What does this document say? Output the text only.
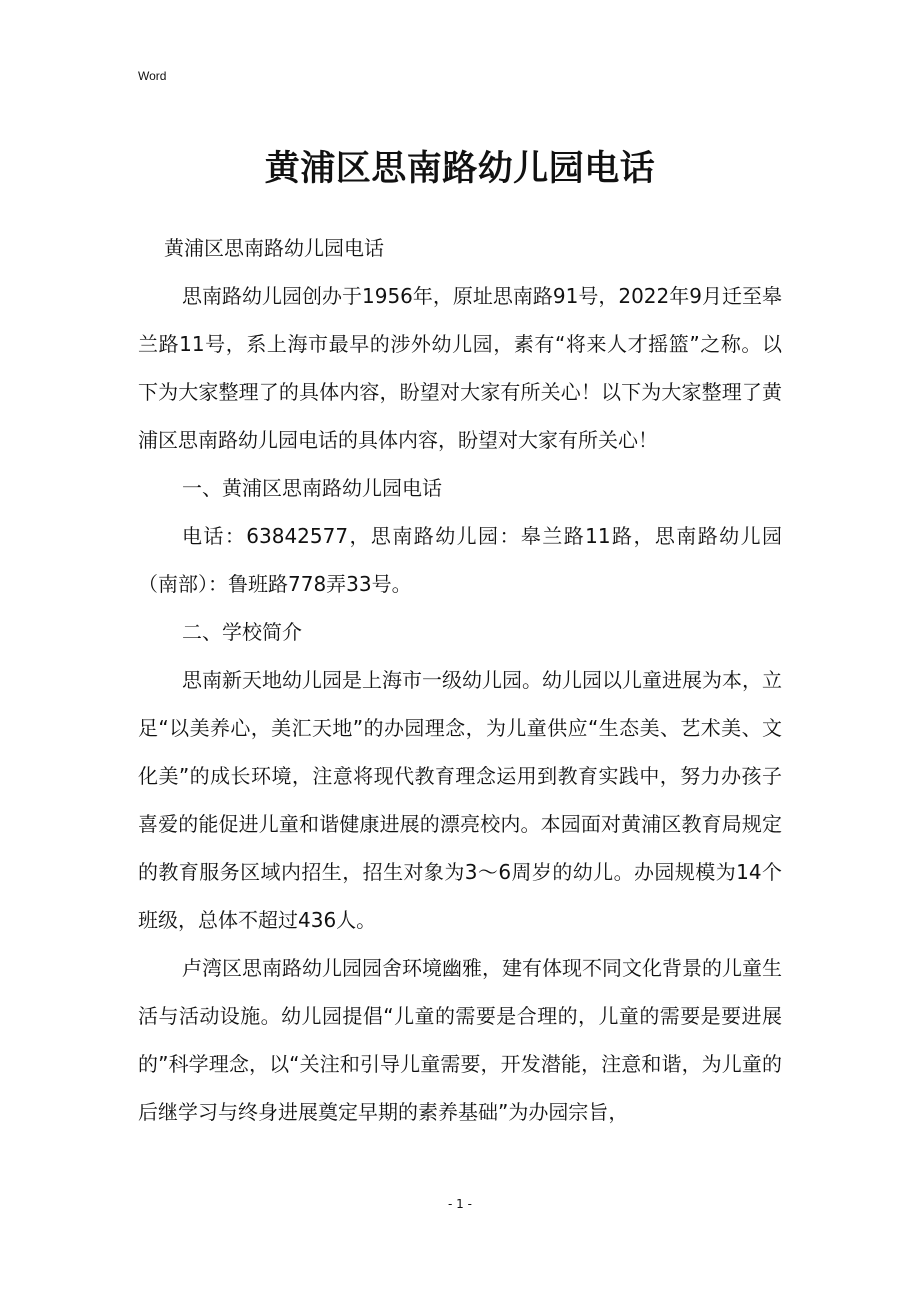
Word
黄浦区思南路幼儿园电话

黄浦区思南路幼儿园电话

思南路幼儿园创办于1956年，原址思南路91号，2022年9月迁至皋兰路11号，系上海市最早的涉外幼儿园，素有“将来人才摇篮”之称。以下为大家整理了的具体内容，盼望对大家有所关心！以下为大家整理了黄浦区思南路幼儿园电话的具体内容，盼望对大家有所关心！

一、黄浦区思南路幼儿园电话

电话：63842577，思南路幼儿园：皋兰路11路，思南路幼儿园（南部）：鲁班路778弄33号。

二、学校简介

思南新天地幼儿园是上海市一级幼儿园。幼儿园以儿童进展为本，立足“以美养心，美汇天地”的办园理念，为儿童供应“生态美、艺术美、文化美”的成长环境，注意将现代教育理念运用到教育实践中，努力办孩子喜爱的能促进儿童和谐健康进展的漂亮校内。本园面对黄浦区教育局规定的教育服务区域内招生，招生对象为3～6周岁的幼儿。办园规模为14个班级，总体不超过436人。

卢湾区思南路幼儿园园舍环境幽雅，建有体现不同文化背景的儿童生活与活动设施。幼儿园提倡“儿童的需要是合理的，儿童的需要是要进展的”科学理念，以“关注和引导儿童需要，开发潜能，注意和谐，为儿童的后继学习与终身进展奠定早期的素养基础”为办园宗旨，

- 1 -
